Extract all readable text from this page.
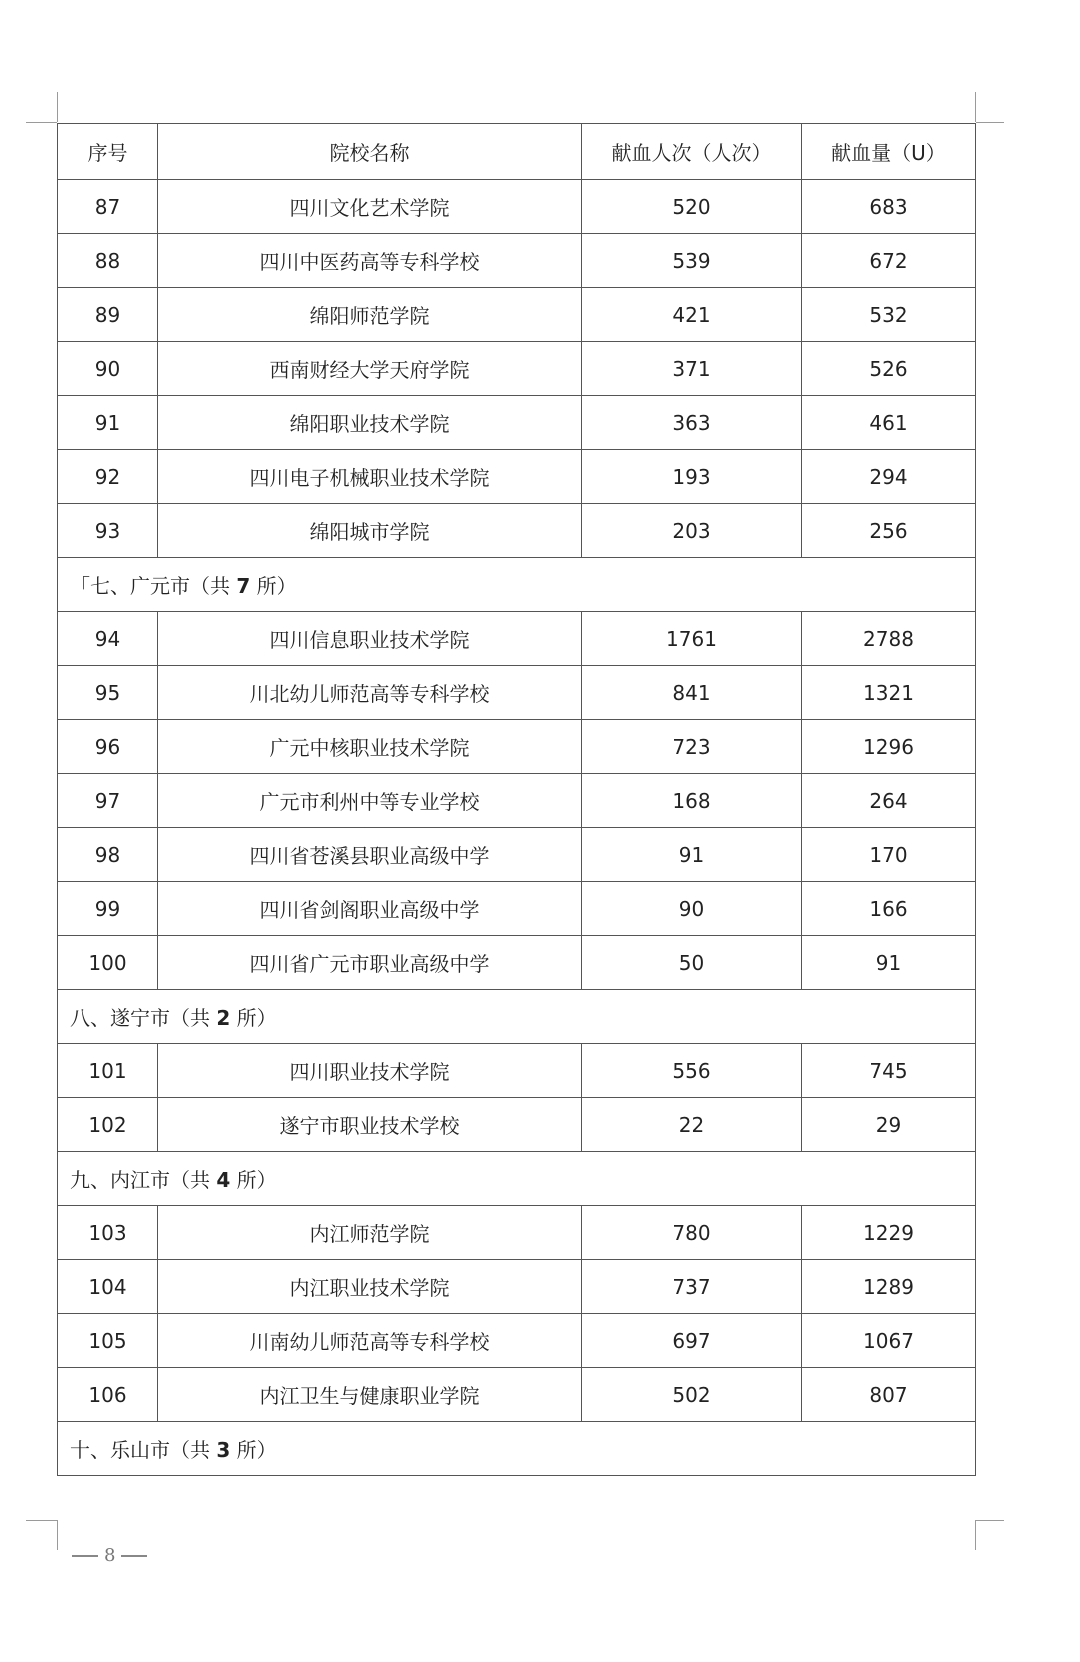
序号	院校名称	献血人次（人次）	献血量（U）
87	四川文化艺术学院	520	683
88	四川中医药高等专科学校	539	672
89	绵阳师范学院	421	532
90	西南财经大学天府学院	371	526
91	绵阳职业技术学院	363	461
92	四川电子机械职业技术学院	193	294
93	绵阳城市学院	203	256
「七、广元市（共 7 所）			
94	四川信息职业技术学院	1761	2788
95	川北幼儿师范高等专科学校	841	1321
96	广元中核职业技术学院	723	1296
97	广元市利州中等专业学校	168	264
98	四川省苍溪县职业高级中学	91	170
99	四川省剑阁职业高级中学	90	166
100	四川省广元市职业高级中学	50	91
八、遂宁市（共 2 所）			
101	四川职业技术学院	556	745
102	遂宁市职业技术学校	22	29
九、内江市（共 4 所）			
103	内江师范学院	780	1229
104	内江职业技术学院	737	1289
105	川南幼儿师范高等专科学校	697	1067
106	内江卫生与健康职业学院	502	807
十、乐山市（共 3 所）			
8
